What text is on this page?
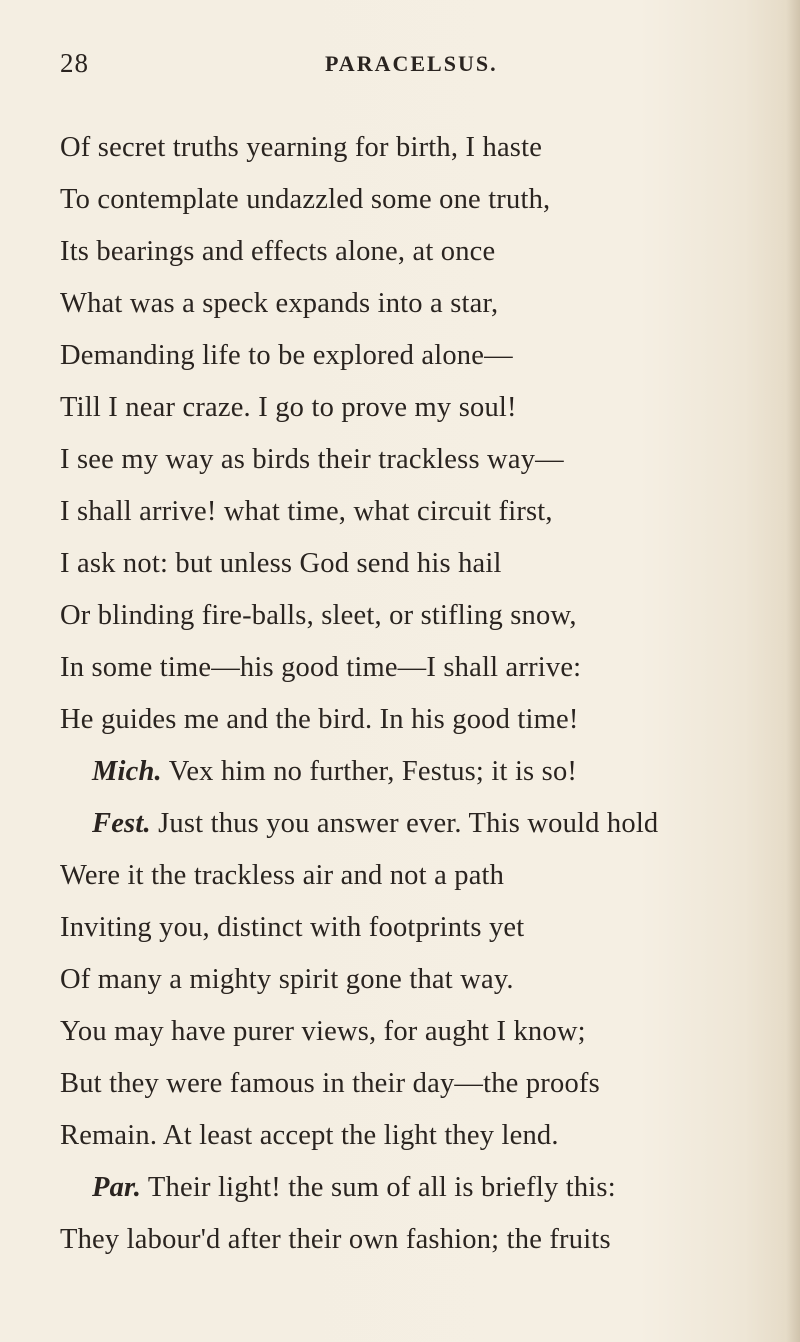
28	PARACELSUS.
Of secret truths yearning for birth, I haste
To contemplate undazzled some one truth,
Its bearings and effects alone, at once
What was a speck expands into a star,
Demanding life to be explored alone—
Till I near craze. I go to prove my soul!
I see my way as birds their trackless way—
I shall arrive! what time, what circuit first,
I ask not: but unless God send his hail
Or blinding fire-balls, sleet, or stifling snow,
In some time—his good time—I shall arrive:
He guides me and the bird. In his good time!
Mich. Vex him no further, Festus; it is so!
Fest. Just thus you answer ever. This would hold
Were it the trackless air and not a path
Inviting you, distinct with footprints yet
Of many a mighty spirit gone that way.
You may have purer views, for aught I know;
But they were famous in their day—the proofs
Remain. At least accept the light they lend.
Par. Their light! the sum of all is briefly this:
They labour'd after their own fashion; the fruits
